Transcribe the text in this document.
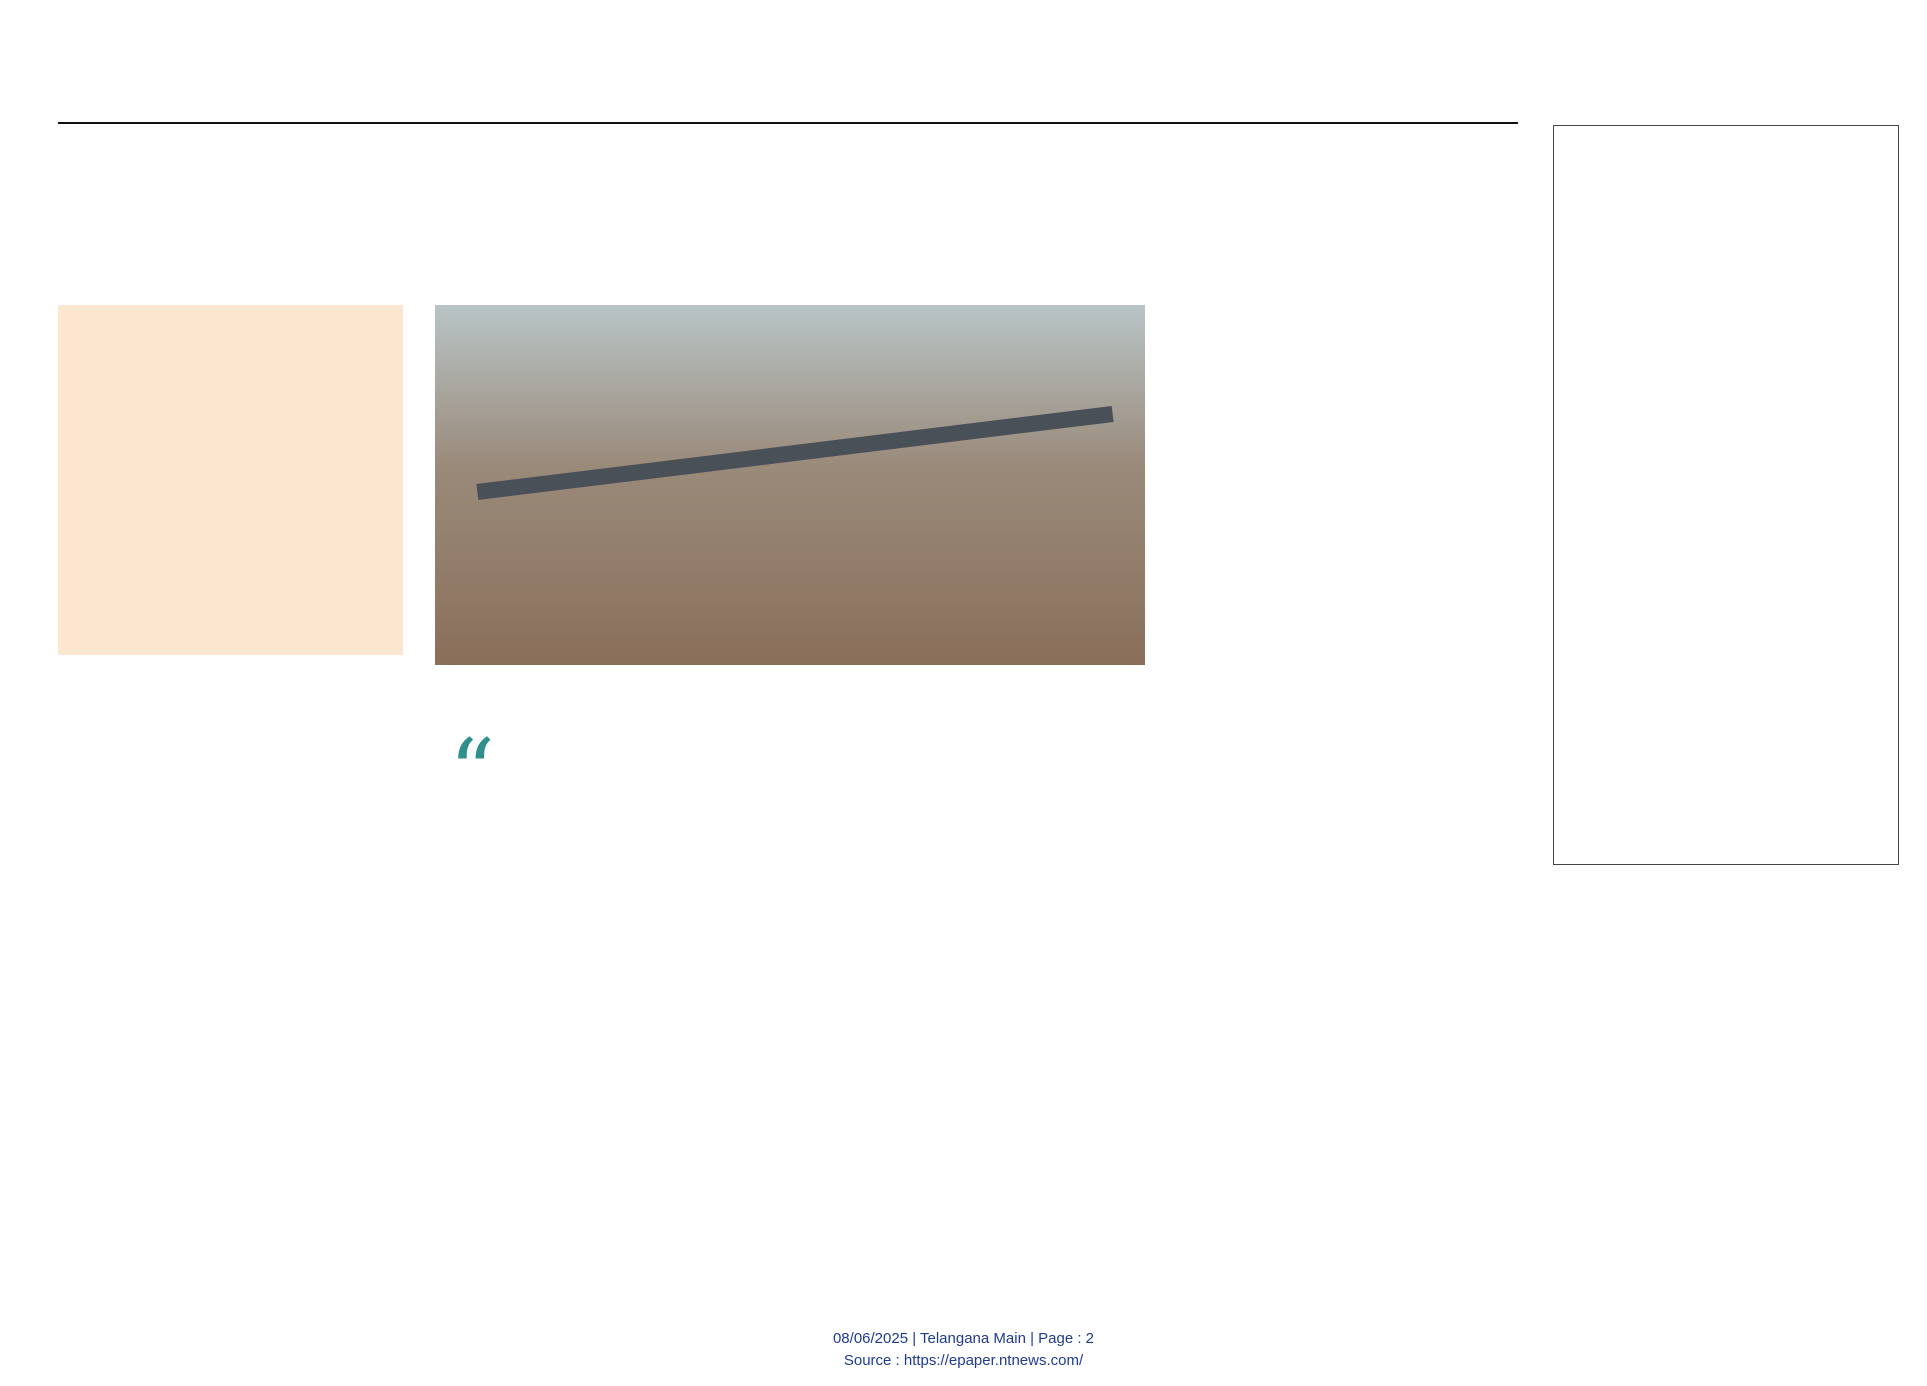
“
08/06/2025 | Telangana Main | Page : 2
Source : https://epaper.ntnews.com/
